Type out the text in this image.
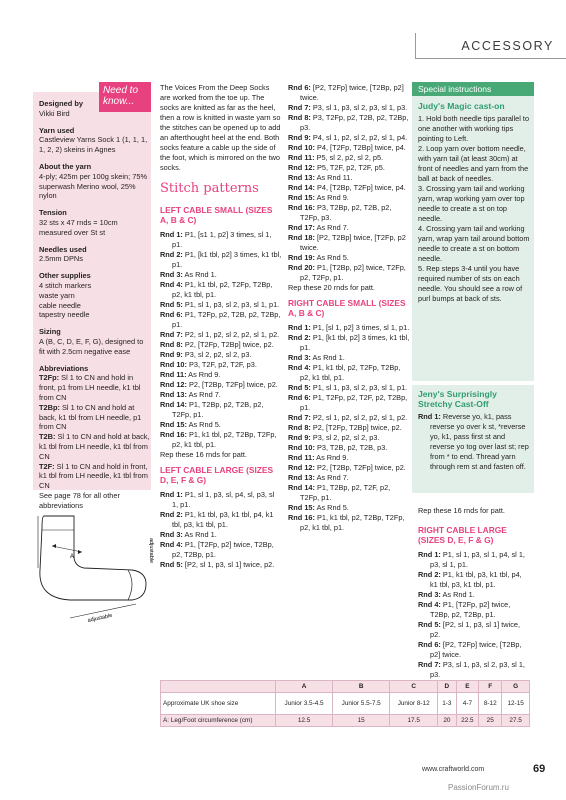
ACCESSORY
Need to know...
Designed by
Vikki Bird
Yarn used
Castleview Yarns Sock 1 (1, 1, 1, 1, 2, 2) skeins in Agnes
About the yarn
4-ply; 425m per 100g skein; 75% superwash Merino wool, 25% nylon
Tension
32 sts x 47 rnds = 10cm measured over St st
Needles used
2.5mm DPNs
Other supplies
4 stitch markers
waste yarn
cable needle
tapestry needle
Sizing
A (B, C, D, E, F, G), designed to fit with 2.5cm negative ease
Abbreviations
T2Fp: Sl 1 to CN and hold in front, p1 from LH needle, k1 tbl from CN
T2Bp: Sl 1 to CN and hold at back, k1 tbl from LH needle, p1 from CN
T2B: Sl 1 to CN and hold at back, k1 tbl from LH needle, k1 tbl from CN
T2F: Sl 1 to CN and hold in front, k1 tbl from LH needle, k1 tbl from CN
See page 78 for all other abbreviations
A	adjustable
adjustable
The Voices From the Deep Socks are worked from the toe up. The socks are knitted as far as the heel, then a row is knitted in waste yarn so the stitches can be opened up to add an afterthought heel at the end. Both socks feature a cable up the side of the foot, which is mirrored on the two socks.
Stitch patterns
LEFT CABLE SMALL (SIZES A, B & C)
Rnd 1: P1, [s1 1, p2] 3 times, sl 1, p1.
Rnd 2: P1, [k1 tbl, p2] 3 times, k1 tbl, p1.
Rnd 3: As Rnd 1.
Rnd 4: P1, k1 tbl, p2, T2Fp, T2Bp, p2, k1 tbl, p1.
Rnd 5: P1, sl 1, p3, sl 2, p3, sl 1, p1.
Rnd 6: P1, T2Fp, p2, T2B, p2, T2Bp, p1.
Rnd 7: P2, sl 1, p2, sl 2, p2, sl 1, p2.
Rnd 8: P2, [T2Fp, T2Bp] twice, p2.
Rnd 9: P3, sl 2, p2, sl 2, p3.
Rnd 10: P3, T2F, p2, T2F, p3.
Rnd 11: As Rnd 9.
Rnd 12: P2, [T2Bp, T2Fp] twice, p2.
Rnd 13: As Rnd 7.
Rnd 14: P1, T2Bp, p2, T2B, p2, T2Fp, p1.
Rnd 15: As Rnd 5.
Rnd 16: P1, k1 tbl, p2, T2Bp, T2Fp, p2, k1 tbl, p1.
Rep these 16 rnds for patt.
LEFT CABLE LARGE (SIZES D, E, F & G)
Rnd 1: P1, sl 1, p3, sl, p4, sl, p3, sl 1, p1.
Rnd 2: P1, k1 tbl, p3, k1 tbl, p4, k1 tbl, p3, k1 tbl, p1.
Rnd 3: As Rnd 1.
Rnd 4: P1, [T2Fp, p2] twice, T2Bp, p2, T2Bp, p1.
Rnd 5: [P2, sl 1, p3, sl 1] twice, p2.
Rnd 6: [P2, T2Fp] twice, [T2Bp, p2] twice.
Rnd 7: P3, sl 1, p3, sl 2, p3, sl 1, p3.
Rnd 8: P3, T2Fp, p2, T2B, p2, T2Bp, p3.
Rnd 9: P4, sl 1, p2, sl 2, p2, sl 1, p4.
Rnd 10: P4, [T2Fp, T2Bp] twice, p4.
Rnd 11: P5, sl 2, p2, sl 2, p5.
Rnd 12: P5, T2F, p2, T2F, p5.
Rnd 13: As Rnd 11.
Rnd 14: P4, [T2Bp, T2Fp] twice, p4.
Rnd 15: As Rnd 9.
Rnd 16: P3, T2Bp, p2, T2B, p2, T2Fp, p3.
Rnd 17: As Rnd 7.
Rnd 18: [P2, T2Bp] twice, [T2Fp, p2 twice.
Rnd 19: As Rnd 5.
Rnd 20: P1, [T2Bp, p2] twice, T2Fp, p2, T2Fp, p1.
Rep these 20 rnds for patt.
RIGHT CABLE SMALL (SIZES A, B & C)
Rnd 1: P1, [sl 1, p2] 3 times, sl 1, p1.
Rnd 2: P1, [k1 tbl, p2] 3 times, k1 tbl, p1.
Rnd 3: As Rnd 1.
Rnd 4: P1, k1 tbl, p2, T2Fp, T2Bp, p2, k1 tbl, p1.
Rnd 5: P1, sl 1, p3, sl 2, p3, sl 1, p1.
Rnd 6: P1, T2Fp, p2, T2F, p2, T2Bp, p1.
Rnd 7: P2, sl 1, p2, sl 2, p2, sl 1, p2.
Rnd 8: P2, [T2Fp, T2Bp] twice, p2.
Rnd 9: P3, sl 2, p2, sl 2, p3.
Rnd 10: P3, T2B, p2, T2B, p3.
Rnd 11: As Rnd 9.
Rnd 12: P2, [T2Bp, T2Fp] twice, p2.
Rnd 13: As Rnd 7.
Rnd 14: P1, T2Bp, p2, T2F, p2, T2Fp, p1.
Rnd 15: As Rnd 5.
Rnd 16: P1, k1 tbl, p2, T2Bp, T2Fp, p2, k1 tbl, p1.
Special instructions
Judy's Magic cast-on
1. Hold both needle tips parallel to one another with working tips pointing to Left.
2. Loop yarn over bottom needle, with yarn tail (at least 30cm) at front of needles and yarn from the ball at back of needles.
3. Crossing yarn tail and working yarn, wrap working yarn over top needle to create a st on top needle.
4. Crossing yarn tail and working yarn, wrap yarn tail around bottom needle to create a st on bottom needle.
5. Rep steps 3-4 until you have required number of sts on each needle. You should see a row of purl bumps at back of sts.
Jeny's Surprisingly Stretchy Cast-Off
Rnd 1: Reverse yo, k1, pass reverse yo over k st, *reverse yo, k1, pass first st and reverse yo tog over last st; rep from * to end. Thread yarn through rem st and fasten off.
Rep these 16 rnds for patt.
RIGHT CABLE LARGE (SIZES D, E, F & G)
Rnd 1: P1, sl 1, p3, sl 1, p4, sl 1, p3, sl 1, p1.
Rnd 2: P1, k1 tbl, p3, k1 tbl, p4, k1 tbl, p3, k1 tbl, p1.
Rnd 3: As Rnd 1.
Rnd 4: P1, [T2Fp, p2] twice, T2Bp, p2, T2Bp, p1.
Rnd 5: [P2, sl 1, p3, sl 1] twice, p2.
Rnd 6: [P2, T2Fp] twice, [T2Bp, p2] twice.
Rnd 7: P3, sl 1, p3, sl 2, p3, sl 1, p3.
	A	B	C	D	E	F	G
Approximate UK shoe size	Junior 3.5-4.5	Junior 5.5-7.5	Junior 8-12	1-3	4-7	8-12	12-15
A: Leg/Foot circumference (cm)	12.5	15	17.5	20	22.5	25	27.5
www.craftworld.com	69
PassionForum.ru
